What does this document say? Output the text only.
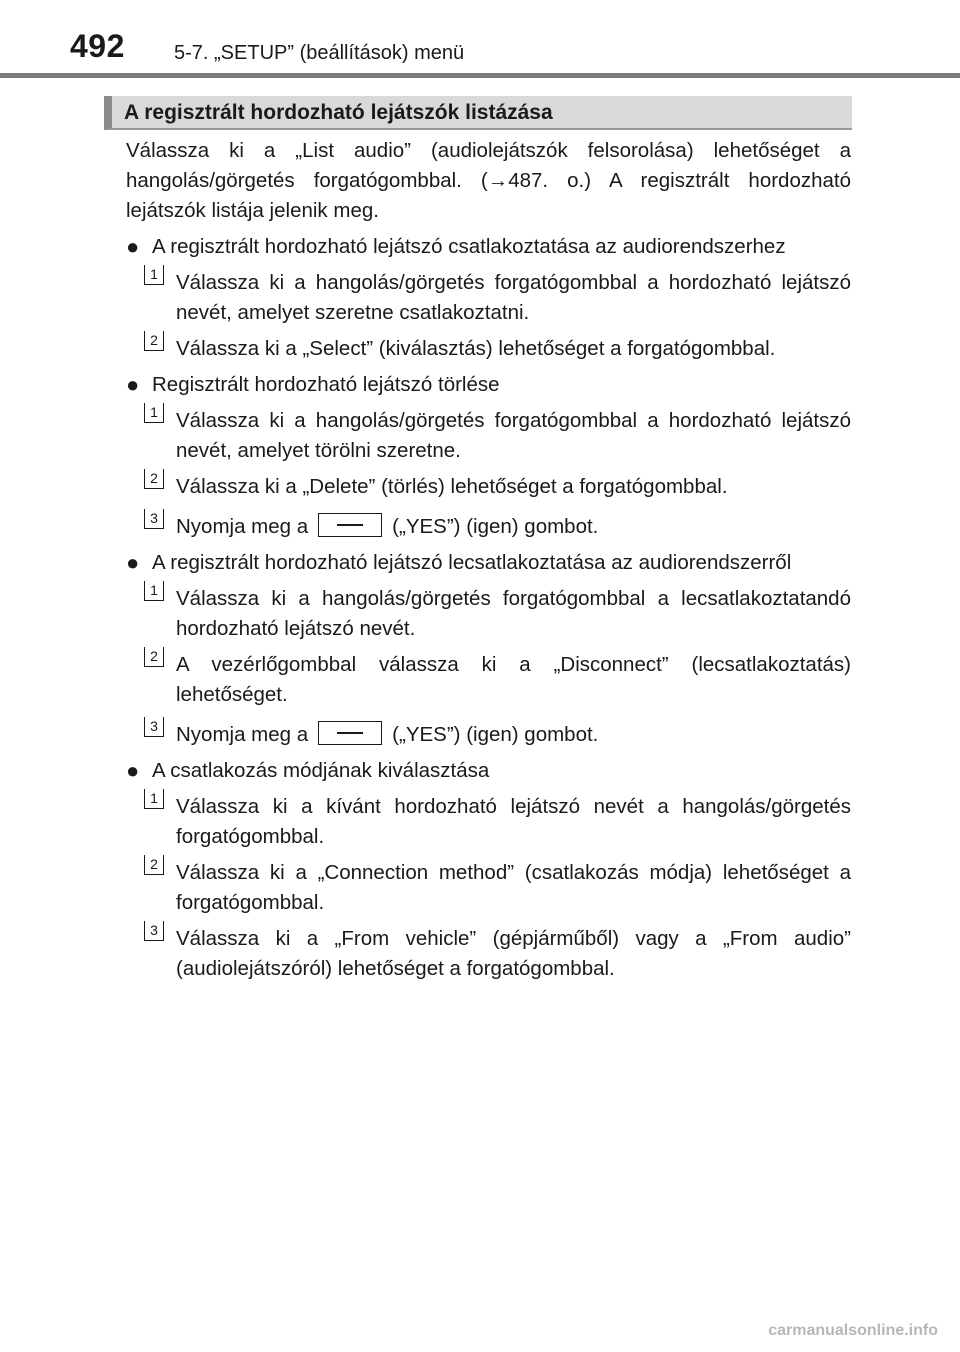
492 5-7. „SETUP” (beállítások) menü
A regisztrált hordozható lejátszók listázása

Válassza ki a „List audio” (audiolejátszók felsorolása) lehetőséget a hangolás/görgetés forgatógombbal. (→487. o.) A regisztrált hordozható lejátszók listája jelenik meg.

● A regisztrált hordozható lejátszó csatlakoztatása az audiorendszerhez
1 Válassza ki a hangolás/görgetés forgatógombbal a hordozható lejátszó nevét, amelyet szeretne csatlakoztatni.
2 Válassza ki a „Select” (kiválasztás) lehetőséget a forgatógombbal.
● Regisztrált hordozható lejátszó törlése
1 Válassza ki a hangolás/görgetés forgatógombbal a hordozható lejátszó nevét, amelyet törölni szeretne.
2 Válassza ki a „Delete” (törlés) lehetőséget a forgatógombbal.
3 Nyomja meg a	(„YES”) (igen) gombot.
● A regisztrált hordozható lejátszó lecsatlakoztatása az audiorendszerről
1 Válassza ki a hangolás/görgetés forgatógombbal a lecsatlakoztatandó hordozható lejátszó nevét.
2 A vezérlőgombbal válassza ki a „Disconnect” (lecsatlakoztatás) lehetőséget.
3 Nyomja meg a	(„YES”) (igen) gombot.
● A csatlakozás módjának kiválasztása
1 Válassza ki a kívánt hordozható lejátszó nevét a hangolás/görgetés forgatógombbal.
2 Válassza ki a „Connection method” (csatlakozás módja) lehetőséget a forgatógombbal.
3 Válassza ki a „From vehicle” (gépjárműből) vagy a „From audio” (audiolejátszóról) lehetőséget a forgatógombbal.
carmanualsonline.info
